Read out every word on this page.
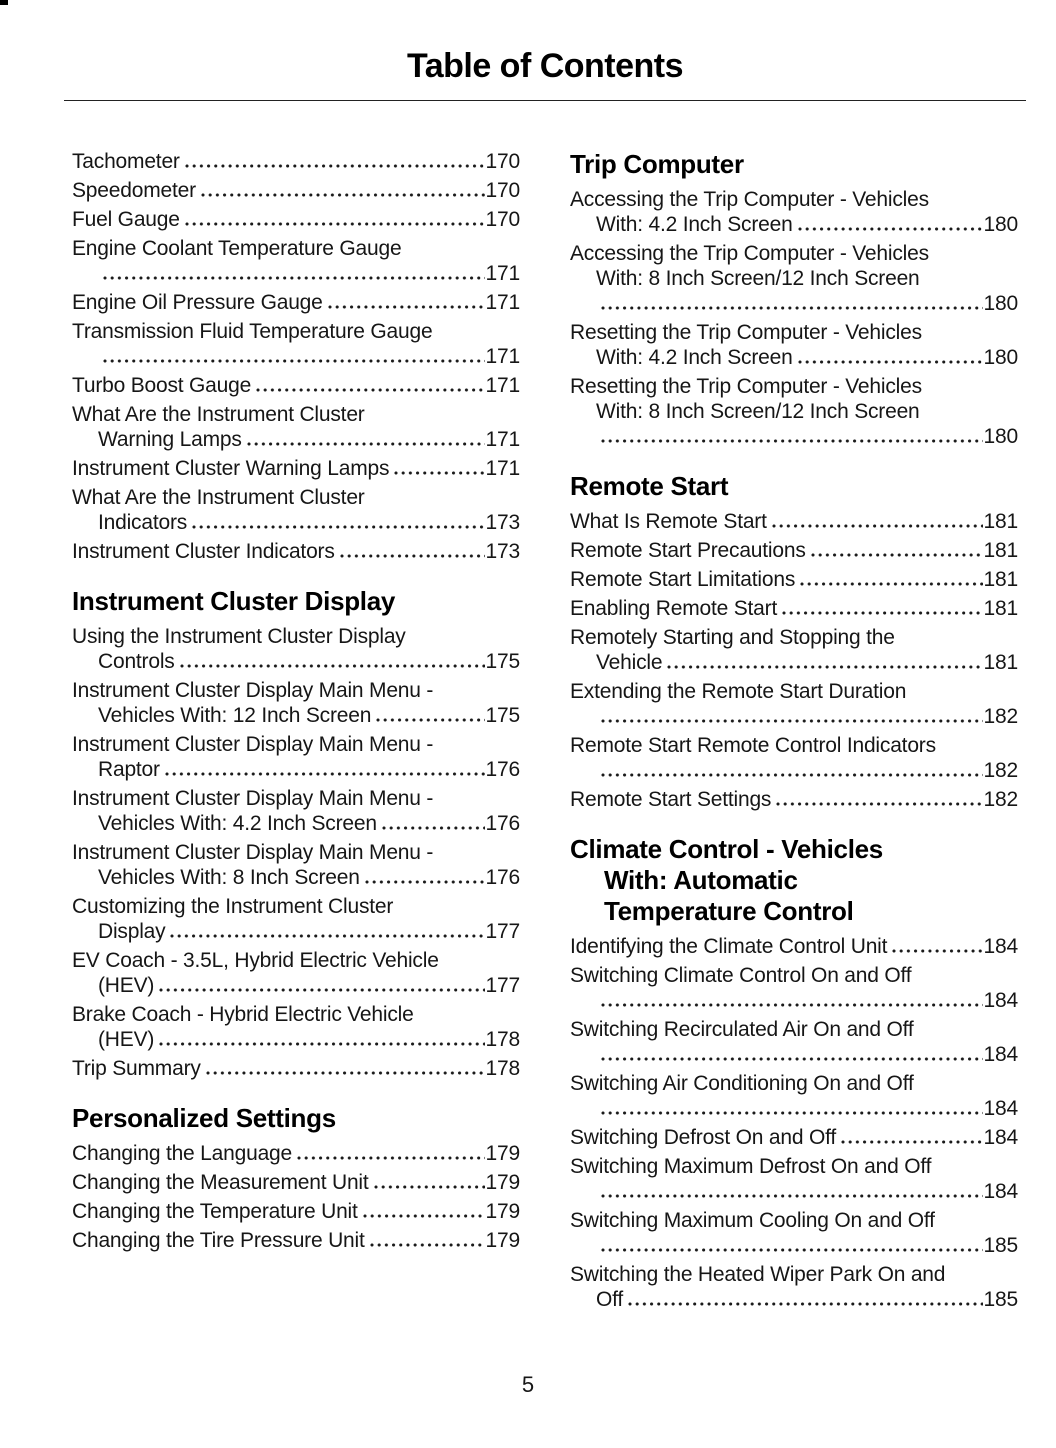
Table of Contents
Tachometer	170
Speedometer	170
Fuel Gauge	170
Engine Coolant Temperature Gauge
171
Engine Oil Pressure Gauge	171
Transmission Fluid Temperature Gauge
171
Turbo Boost Gauge	171
What Are the Instrument Cluster
Warning Lamps	171
Instrument Cluster Warning Lamps	171
What Are the Instrument Cluster
Indicators	173
Instrument Cluster Indicators	173
Instrument Cluster Display
Using the Instrument Cluster Display
Controls	175
Instrument Cluster Display Main Menu -
Vehicles With: 12 Inch Screen	175
Instrument Cluster Display Main Menu -
Raptor	176
Instrument Cluster Display Main Menu -
Vehicles With: 4.2 Inch Screen	176
Instrument Cluster Display Main Menu -
Vehicles With: 8 Inch Screen	176
Customizing the Instrument Cluster
Display	177
EV Coach - 3.5L, Hybrid Electric Vehicle
(HEV)	177
Brake Coach - Hybrid Electric Vehicle
(HEV)	178
Trip Summary	178
Personalized Settings
Changing the Language	179
Changing the Measurement Unit	179
Changing the Temperature Unit	179
Changing the Tire Pressure Unit	179
Trip Computer
Accessing the Trip Computer - Vehicles
With: 4.2 Inch Screen	180
Accessing the Trip Computer - Vehicles
With: 8 Inch Screen/12 Inch Screen
180
Resetting the Trip Computer - Vehicles
With: 4.2 Inch Screen	180
Resetting the Trip Computer - Vehicles
With: 8 Inch Screen/12 Inch Screen
180
Remote Start
What Is Remote Start	181
Remote Start Precautions	181
Remote Start Limitations	181
Enabling Remote Start	181
Remotely Starting and Stopping the
Vehicle	181
Extending the Remote Start Duration
182
Remote Start Remote Control Indicators
182
Remote Start Settings	182
Climate Control - Vehicles
With: Automatic
Temperature Control
Identifying the Climate Control Unit	184
Switching Climate Control On and Off
184
Switching Recirculated Air On and Off
184
Switching Air Conditioning On and Off
184
Switching Defrost On and Off	184
Switching Maximum Defrost On and Off
184
Switching Maximum Cooling On and Off
185
Switching the Heated Wiper Park On and
Off	185
5
